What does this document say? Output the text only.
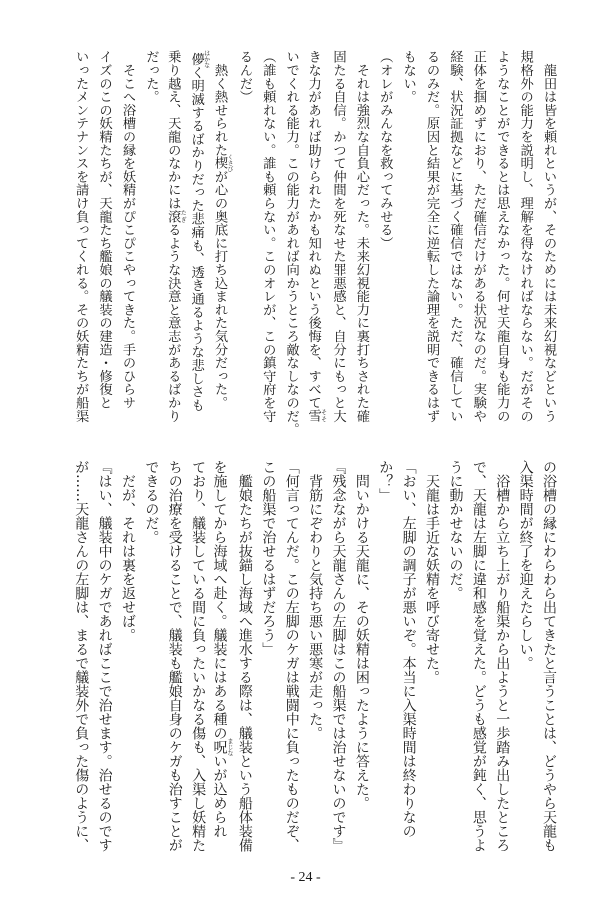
　龍田は皆を頼れというが、そのためには未来幻視などという
規格外の能力を説明し、理解を得なければならない。だがその
ようなことができるとは思えなかった。何せ天龍自身も能力の
正体を掴めずにおり、ただ確信だけがある状況なのだ。実験や
経験、状況証拠などに基づく確信ではない。ただ、確信してい
るのみだ。原因と結果が完全に逆転した論理を説明できるはず
もない。
（オレがみんなを救ってみせる）
　それは強烈な自負心だった。未来幻視能力に裏打ちされた確
固たる自信。かつて仲間を死なせた罪悪感と、自分にもっと大
きな力があれば助けられたかも知れぬという後悔を、すべて雪 そそ
いでくれる能力。この能力があれば向かうところ敵なしなのだ。
（誰も頼れない。誰も頼らない。このオレが、この鎮守府を守
るんだ）
　熱く熱せられた楔 くさびが心の奥底に打ち込まれた気分だった。
儚 はかなく明滅するばかりだった悲痛も、透き通るような悲しさも
乗り越え、天龍のなかには滾 たぎるような決意と意志があるばかり
だった。
　そこへ浴槽の縁を妖精がぴこぴこやってきた。手のひらサ
イズのこの妖精たちが、天龍たち艦娘の艤装の建造・修復と
いったメンテナンスを請け負ってくれる。その妖精たちが船渠
の浴槽の縁にわらわら出てきたと言うことは、どうやら天龍も
入渠時間が終了を迎えたらしい。
　浴槽から立ち上がり船渠から出ようと一歩踏み出したところ
で、天龍は左脚に違和感を覚えた。どうも感覚が鈍く、思うよ
うに動かせないのだ。
　天龍は手近な妖精を呼び寄せた。
「おい、左脚の調子が悪いぞ。本当に入渠時間は終わりなの
か？」
　問いかける天龍に、その妖精は困ったように答えた。
『残念ながら天龍さんの左脚はこの船渠では治せないのです』
　背筋にぞわりと気持ち悪い悪寒が走った。
「何言ってんだ。この左脚のケガは戦闘中に負ったものだぞ、
この船渠で治せるはずだろう」
　艦娘たちが抜錨し海域へ進水する際は、艤装という船体装備
を施してから海域へ赴く。艤装にはある種の呪まじないが込められ
ており、艤装している間に負ったいかなる傷も、入渠し妖精た
ちの治療を受けることで、艤装も艦娘自身のケガも治すことが
できるのだ。
　だが、それは裏を返せば。
『はい、艤装中のケガであればここで治せます。治せるのです
が……天龍さんの左脚は、まるで艤装外で負った傷のように、
- 24 -
